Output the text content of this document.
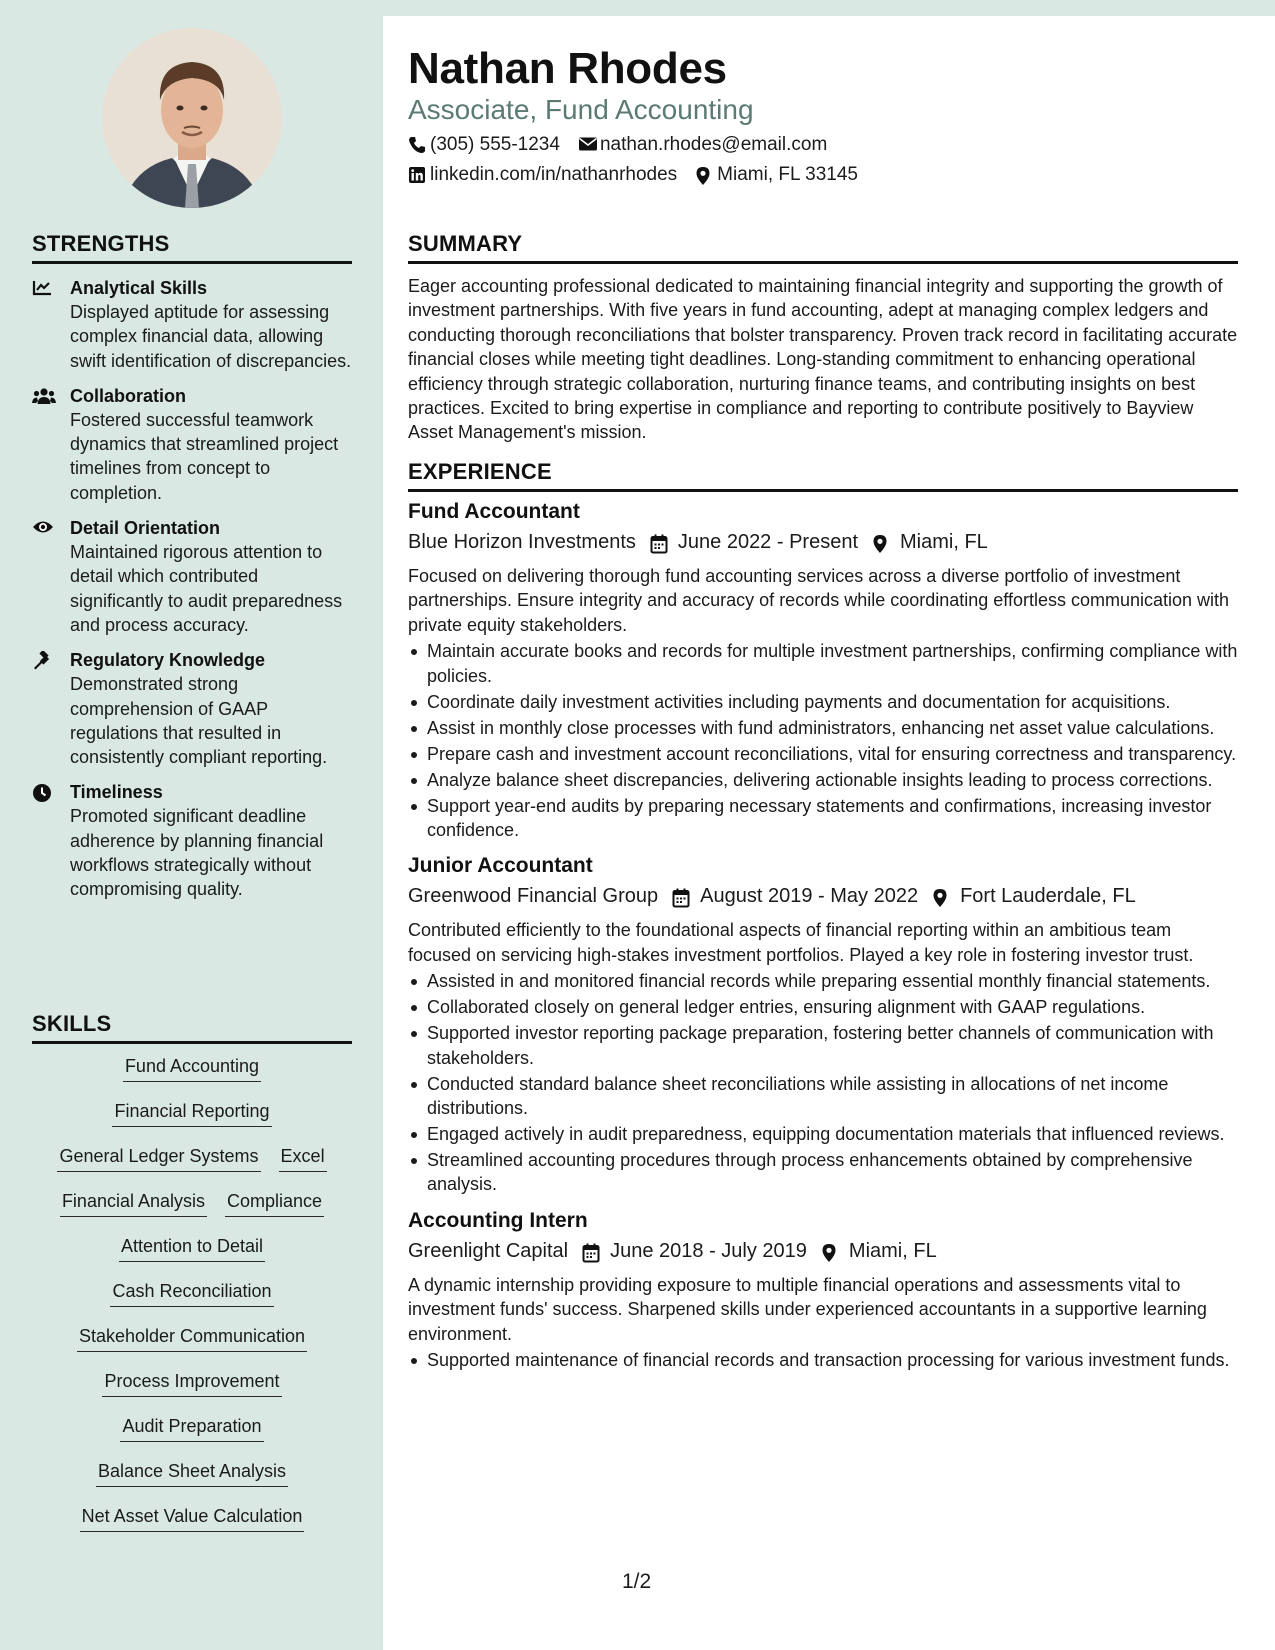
STRENGTHS
Analytical Skills
Displayed aptitude for assessing complex financial data, allowing swift identification of discrepancies.
Collaboration
Fostered successful teamwork dynamics that streamlined project timelines from concept to completion.
Detail Orientation
Maintained rigorous attention to detail which contributed significantly to audit preparedness and process accuracy.
Regulatory Knowledge
Demonstrated strong comprehension of GAAP regulations that resulted in consistently compliant reporting.
Timeliness
Promoted significant deadline adherence by planning financial workflows strategically without compromising quality.
SKILLS
Fund Accounting
Financial Reporting
General Ledger Systems Excel
Financial Analysis Compliance
Attention to Detail
Cash Reconciliation
Stakeholder Communication
Process Improvement
Audit Preparation
Balance Sheet Analysis
Net Asset Value Calculation
Nathan Rhodes
Associate, Fund Accounting
(305) 555-1234 nathan.rhodes@email.com
linkedin.com/in/nathanrhodes Miami, FL 33145
SUMMARY
Eager accounting professional dedicated to maintaining financial integrity and supporting the growth of investment partnerships. With five years in fund accounting, adept at managing complex ledgers and conducting thorough reconciliations that bolster transparency. Proven track record in facilitating accurate financial closes while meeting tight deadlines. Long-standing commitment to enhancing operational efficiency through strategic collaboration, nurturing finance teams, and contributing insights on best practices. Excited to bring expertise in compliance and reporting to contribute positively to Bayview Asset Management's mission.
EXPERIENCE
Fund Accountant
Blue Horizon Investments June 2022 - Present Miami, FL
Focused on delivering thorough fund accounting services across a diverse portfolio of investment partnerships. Ensure integrity and accuracy of records while coordinating effortless communication with private equity stakeholders.
Maintain accurate books and records for multiple investment partnerships, confirming compliance with policies.
Coordinate daily investment activities including payments and documentation for acquisitions.
Assist in monthly close processes with fund administrators, enhancing net asset value calculations.
Prepare cash and investment account reconciliations, vital for ensuring correctness and transparency.
Analyze balance sheet discrepancies, delivering actionable insights leading to process corrections.
Support year-end audits by preparing necessary statements and confirmations, increasing investor confidence.
Junior Accountant
Greenwood Financial Group August 2019 - May 2022 Fort Lauderdale, FL
Contributed efficiently to the foundational aspects of financial reporting within an ambitious team focused on servicing high-stakes investment portfolios. Played a key role in fostering investor trust.
Assisted in and monitored financial records while preparing essential monthly financial statements.
Collaborated closely on general ledger entries, ensuring alignment with GAAP regulations.
Supported investor reporting package preparation, fostering better channels of communication with stakeholders.
Conducted standard balance sheet reconciliations while assisting in allocations of net income distributions.
Engaged actively in audit preparedness, equipping documentation materials that influenced reviews.
Streamlined accounting procedures through process enhancements obtained by comprehensive analysis.
Accounting Intern
Greenlight Capital June 2018 - July 2019 Miami, FL
A dynamic internship providing exposure to multiple financial operations and assessments vital to investment funds' success. Sharpened skills under experienced accountants in a supportive learning environment.
Supported maintenance of financial records and transaction processing for various investment funds.
1/2
